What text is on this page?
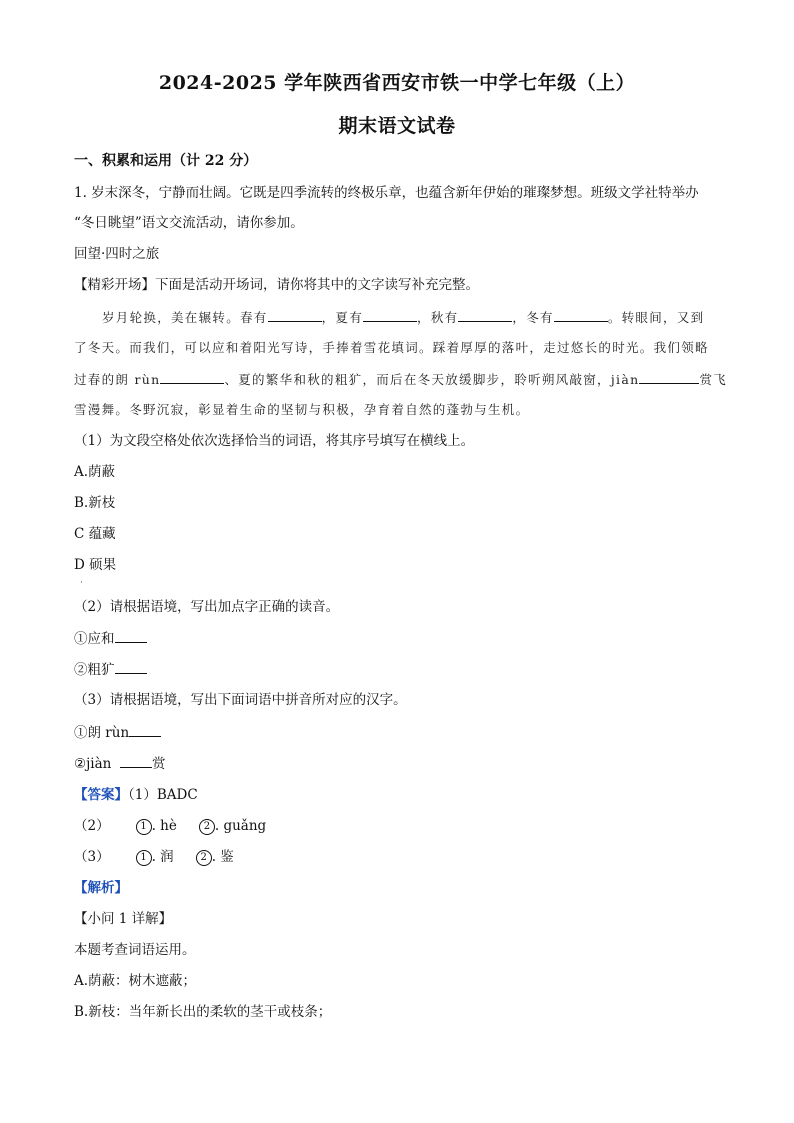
2024-2025 学年陕西省西安市铁一中学七年级（上）
期末语文试卷
一、积累和运用（计 22 分）
1. 岁末深冬，宁静而壮阔。它既是四季流转的终极乐章，也蕴含新年伊始的璀璨梦想。班级文学社特举办
“冬日眺望”语文交流活动，请你参加。
回望·四时之旅
【精彩开场】下面是活动开场词，请你将其中的文字读写补充完整。
岁月轮换，美在辗转。春有	，夏有	，秋有	，冬有	。转眼间，又到
了冬天。而我们，可以应和着阳光写诗，手捧着雪花填词。踩着厚厚的落叶，走过悠长的时光。我们领略
过春的朗 rùn	、夏的繁华和秋的粗犷，而后在冬天放缓脚步，聆听朔风敲窗，jiàn	赏飞
雪漫舞。冬野沉寂，彰显着生命的坚韧与积极，孕育着自然的蓬勃与生机。
（1）为文段空格处依次选择恰当的词语，将其序号填写在横线上。
A.荫蔽
B.新枝
C 蕴藏
D 硕果
·
（2）请根据语境，写出加点字正确的读音。
①应和
②粗犷
（3）请根据语境，写出下面词语中拼音所对应的汉字。
①朗 rùn
②jiàn	赏
【答案】（1）BADC
（2）	1 . hè	2 . guǎng
（3）	1 . 润	2 . 鉴
【解析】
【小问 1 详解】
本题考查词语运用。
A.荫蔽：树木遮蔽；
B.新枝：当年新长出的柔软的茎干或枝条；
